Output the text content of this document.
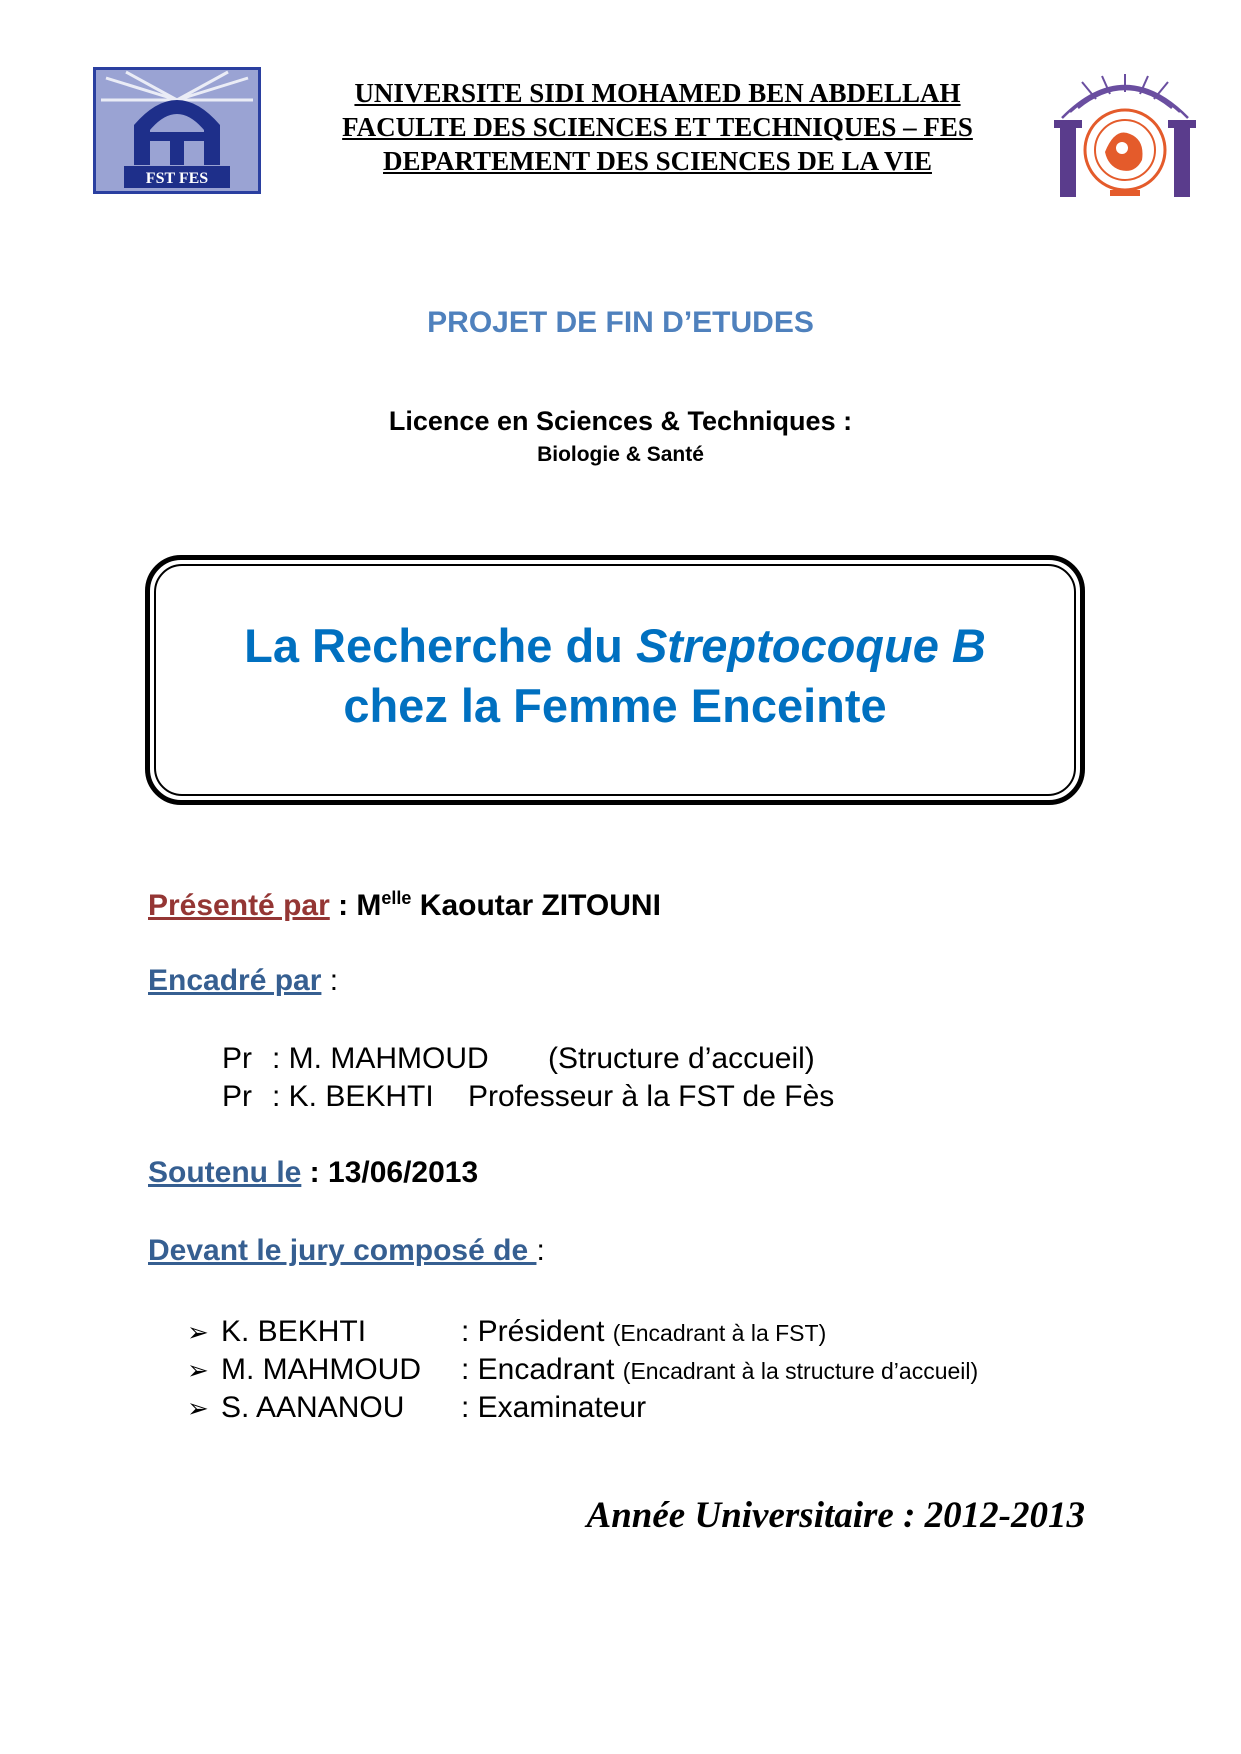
FST FES
UNIVERSITE SIDI MOHAMED BEN ABDELLAH
FACULTE DES SCIENCES ET TECHNIQUES – FES
DEPARTEMENT DES SCIENCES DE LA VIE
PROJET DE FIN D’ETUDES
Licence en Sciences & Techniques :
Biologie & Santé
La Recherche du Streptocoque B
chez la Femme Enceinte
Présenté par : $M^{elle}$ Kaoutar ZITOUNI
Encadré par :
Pr : M. MAHMOUD (Structure d’accueil)
Pr : K. BEKHTI Professeur à la FST de Fès
Soutenu le : 13/06/2013
Devant le jury composé de :
➢ K. BEKHTI	: Président (Encadrant à la FST)
➢ M. MAHMOUD : Encadrant (Encadrant à la structure d’accueil)
➢ S. AANANOU : Examinateur
Année Universitaire : 2012-2013
